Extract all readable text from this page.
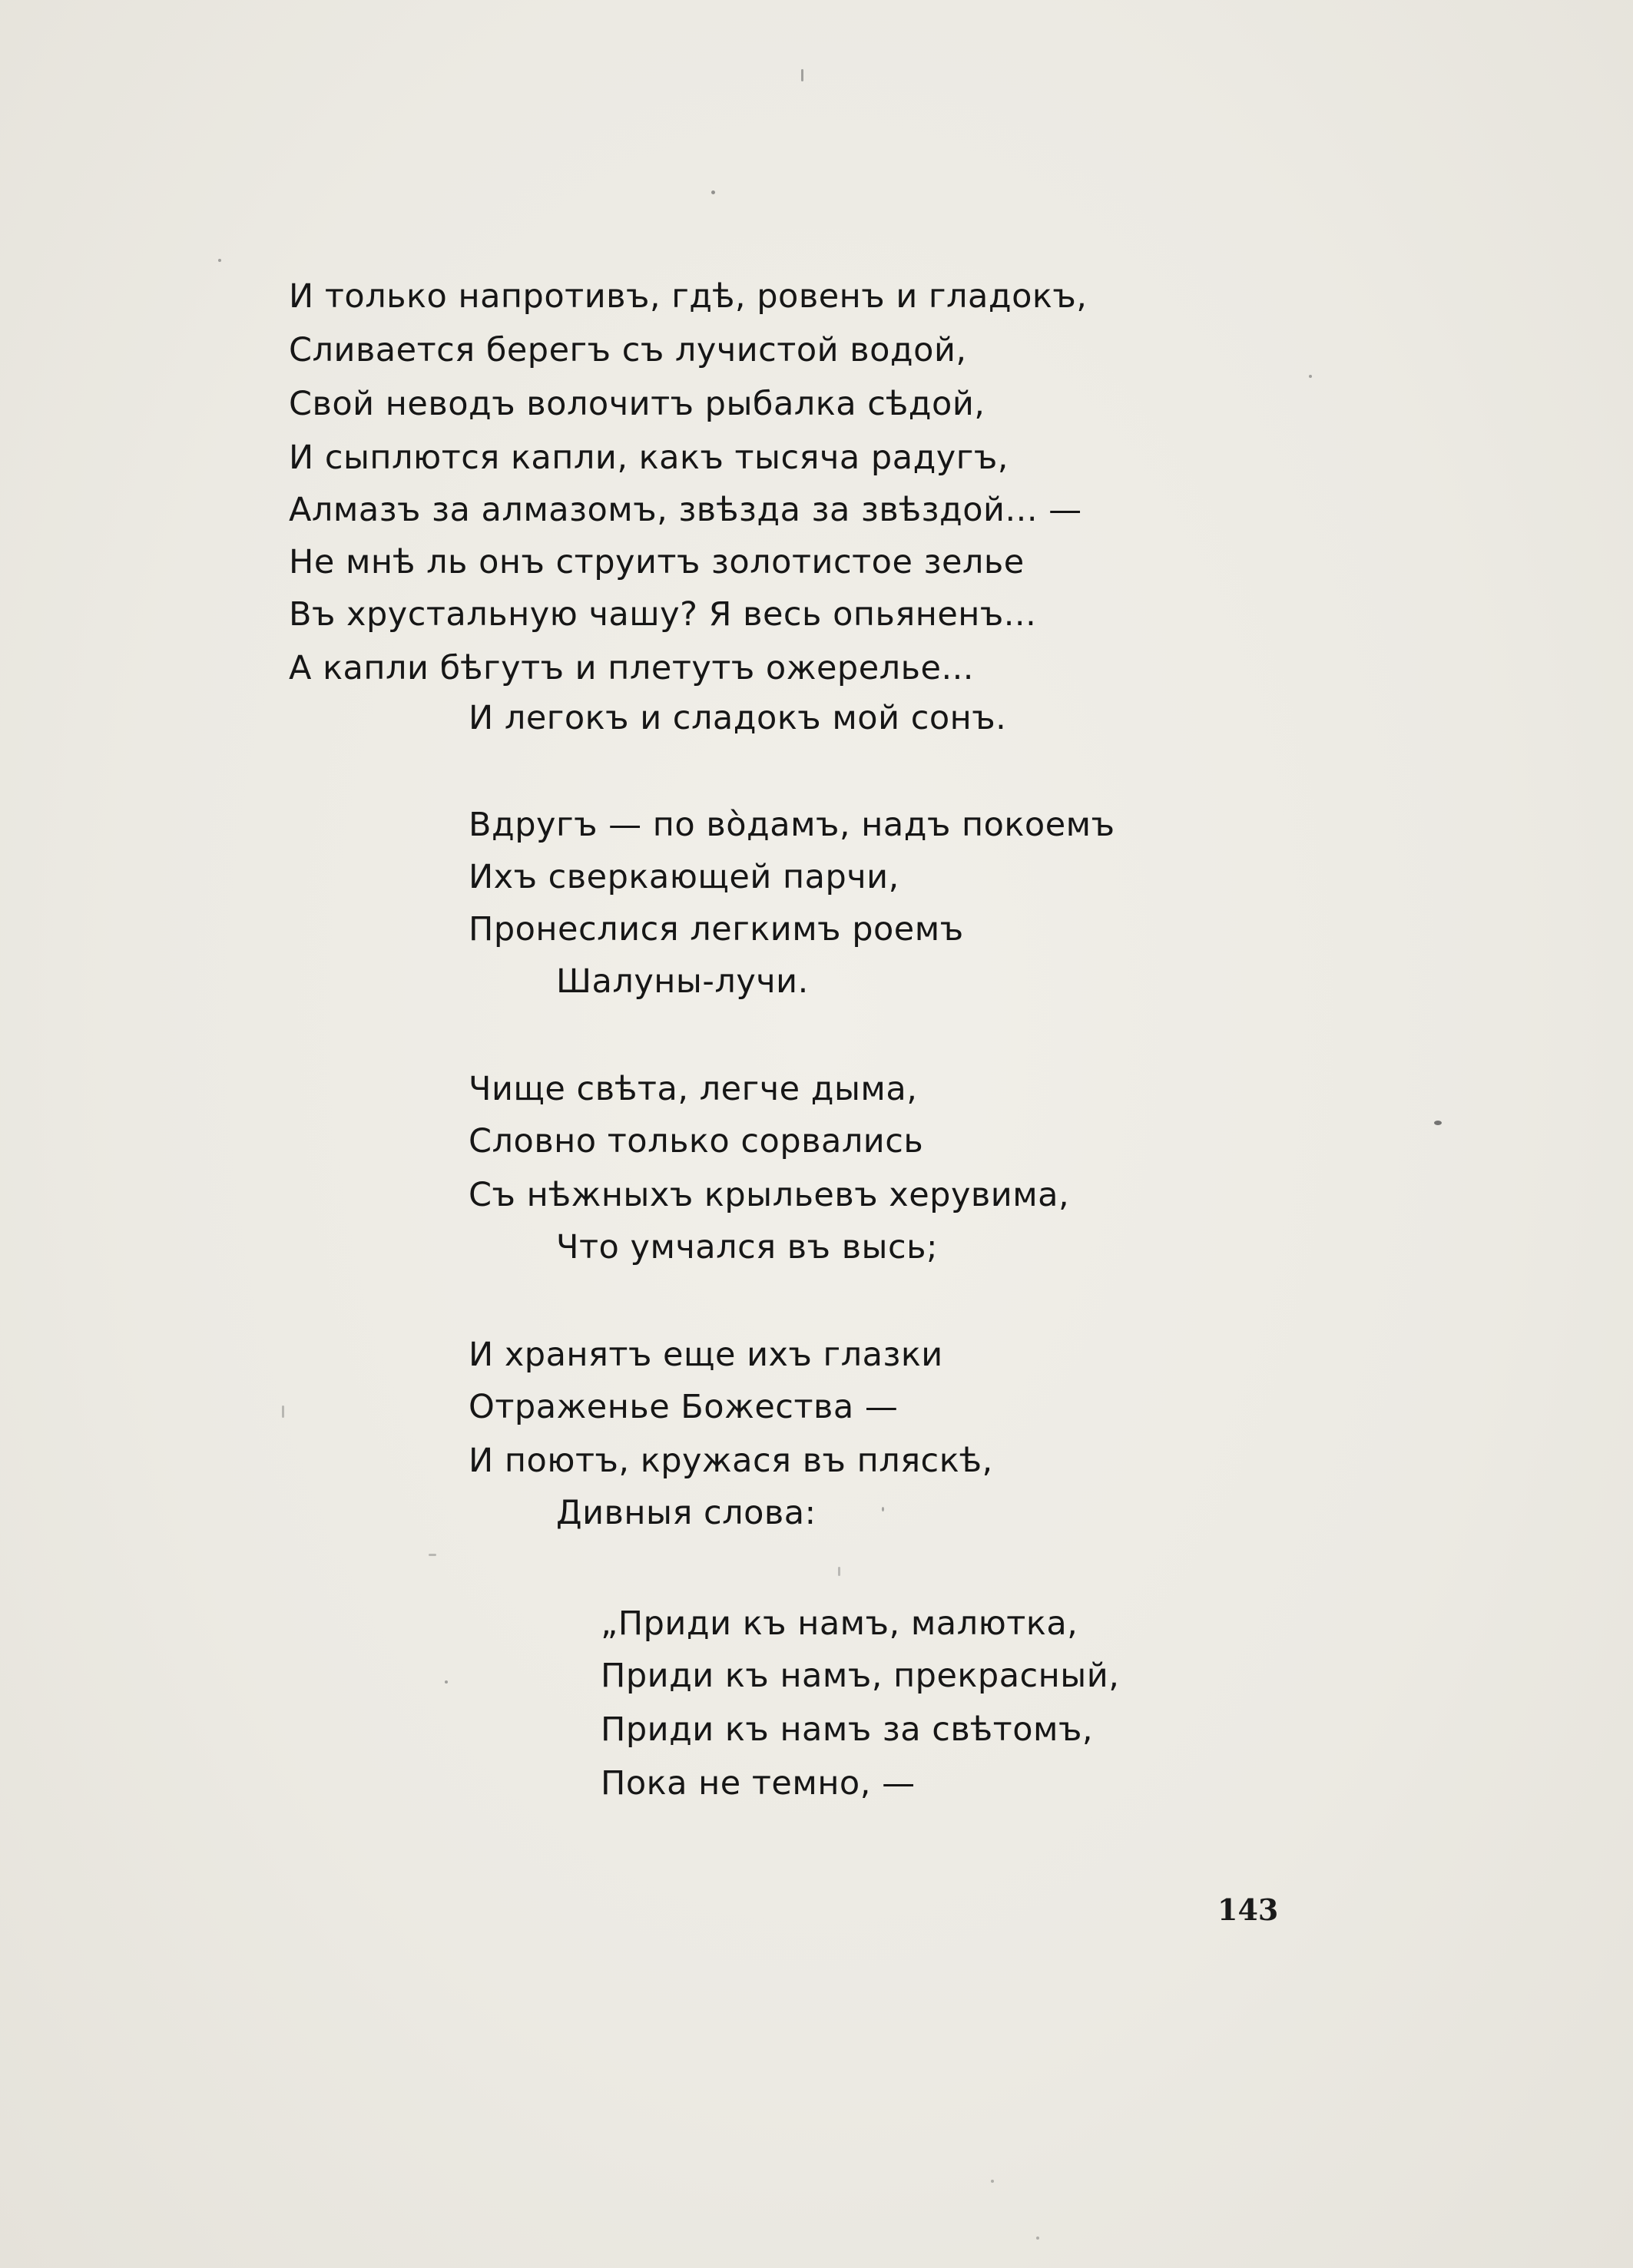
И только напротивъ, гдѣ, ровенъ и гладокъ,
Сливается берегъ съ лучистой водой,
Свой неводъ волочитъ рыбалка сѣдой,
И сыплются капли, какъ тысяча радугъ,
Алмазъ за алмазомъ, звѣзда за звѣздой... —
Не мнѣ ль онъ струитъ золотистое зелье
Въ хрустальную чашу? Я весь опьяненъ...
А капли бѣгутъ и плетутъ ожерелье...
И легокъ и сладокъ мой сонъ.
Вдругъ — по вòдамъ, надъ покоемъ
Ихъ сверкающей парчи,
Пронеслися легкимъ роемъ
Шалуны-лучи.
Чище свѣта, легче дыма,
Словно только сорвались
Съ нѣжныхъ крыльевъ херувима,
Что умчался въ высь;
И хранятъ еще ихъ глазки
Отраженье Божества —
И поютъ, кружася въ пляскѣ,
Дивныя слова:
„Приди къ намъ, малютка,
Приди къ намъ, прекрасный,
Приди къ намъ за свѣтомъ,
Пока не темно, —
143
